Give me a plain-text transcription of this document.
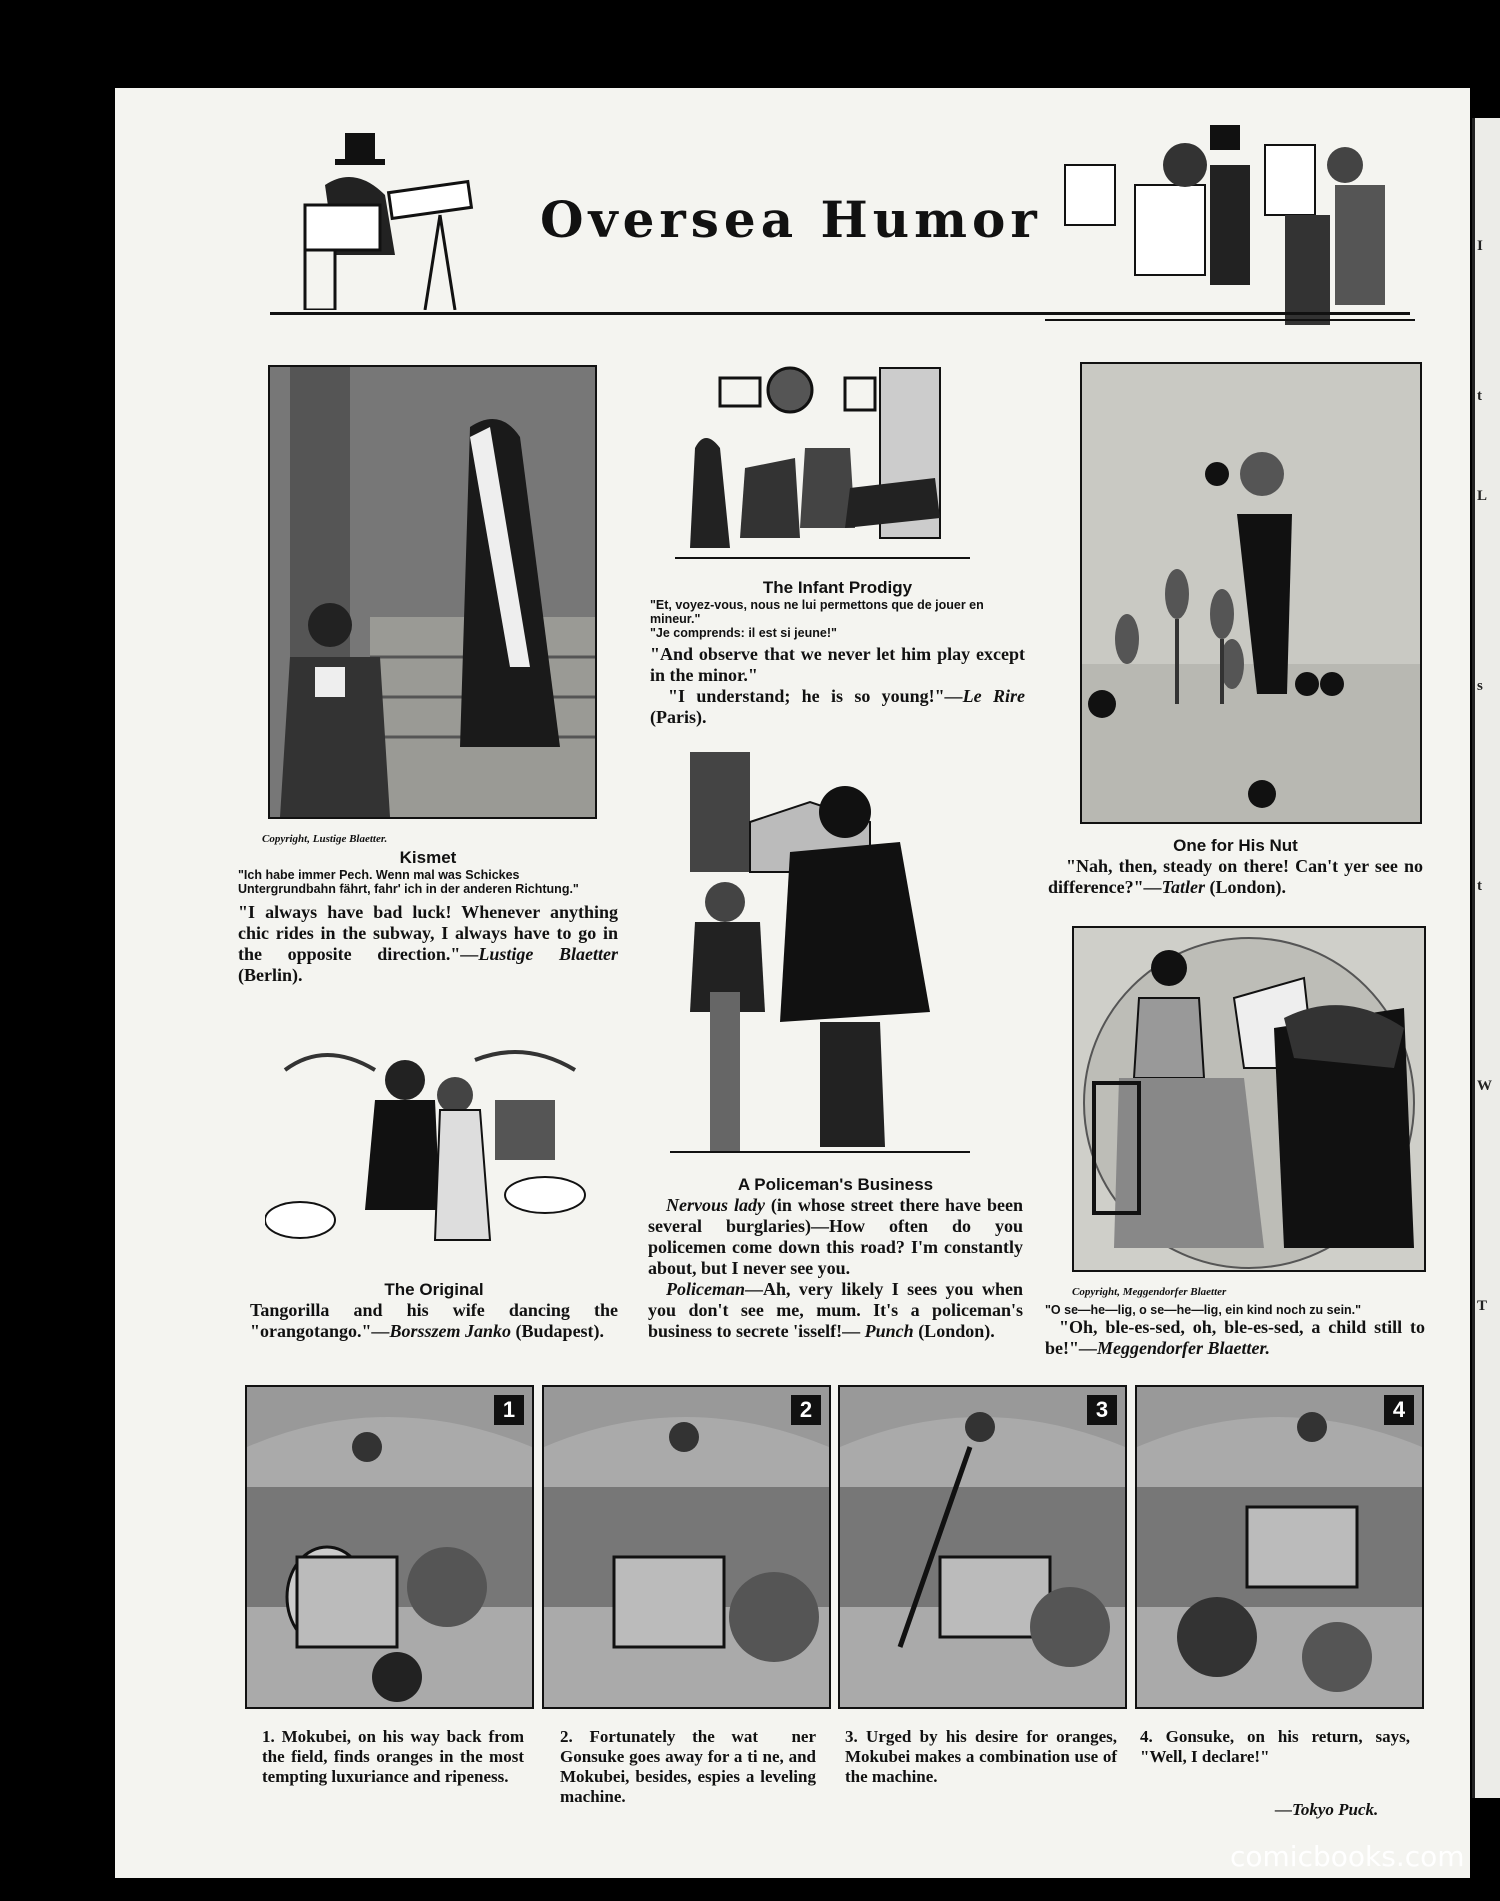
I
t
L
s
t
W
T
Oversea Humor
Copyright, Lustige Blaetter.
Kismet
"Ich habe immer Pech. Wenn mal was Schickes Untergrundbahn fährt, fahr' ich in der anderen Richtung."
"I always have bad luck! Whenever anything chic rides in the subway, I always have to go in the opposite direction."—Lustige Blaetter (Berlin).
The Original
Tangorilla and his wife dancing the "orangotango."—Borsszem Janko (Budapest).
The Infant Prodigy
"Et, voyez-vous, nous ne lui permettons que de jouer en mineur."
"Je comprends: il est si jeune!"
"And observe that we never let him play except in the minor."
"I understand; he is so young!"—Le Rire (Paris).
A Policeman's Business
Nervous lady (in whose street there have been several burglaries)—How often do you policemen come down this road? I'm constantly about, but I never see you.
Policeman—Ah, very likely I sees you when you don't see me, mum. It's a policeman's business to secrete 'isself!— Punch (London).
One for His Nut
"Nah, then, steady on there! Can't yer see no difference?"—Tatler (London).
Copyright, Meggendorfer Blaetter
"O se—he—lig, o se—he—lig, ein kind noch zu sein."
"Oh, ble-es-sed, oh, ble-es-sed, a child still to be!"—Meggendorfer Blaetter.
1	2	3	4
1. Mokubei, on his way back from the field, finds oranges in the most tempting luxuriance and ripeness.
2. Fortunately the wat  ner Gonsuke goes away for a ti ne, and Mokubei, besides, espies a leveling machine.
3. Urged by his desire for oranges, Mokubei makes a combination use of the machine.
4. Gonsuke, on his return, says, "Well, I declare!"
—Tokyo Puck.
comicbooks.com
